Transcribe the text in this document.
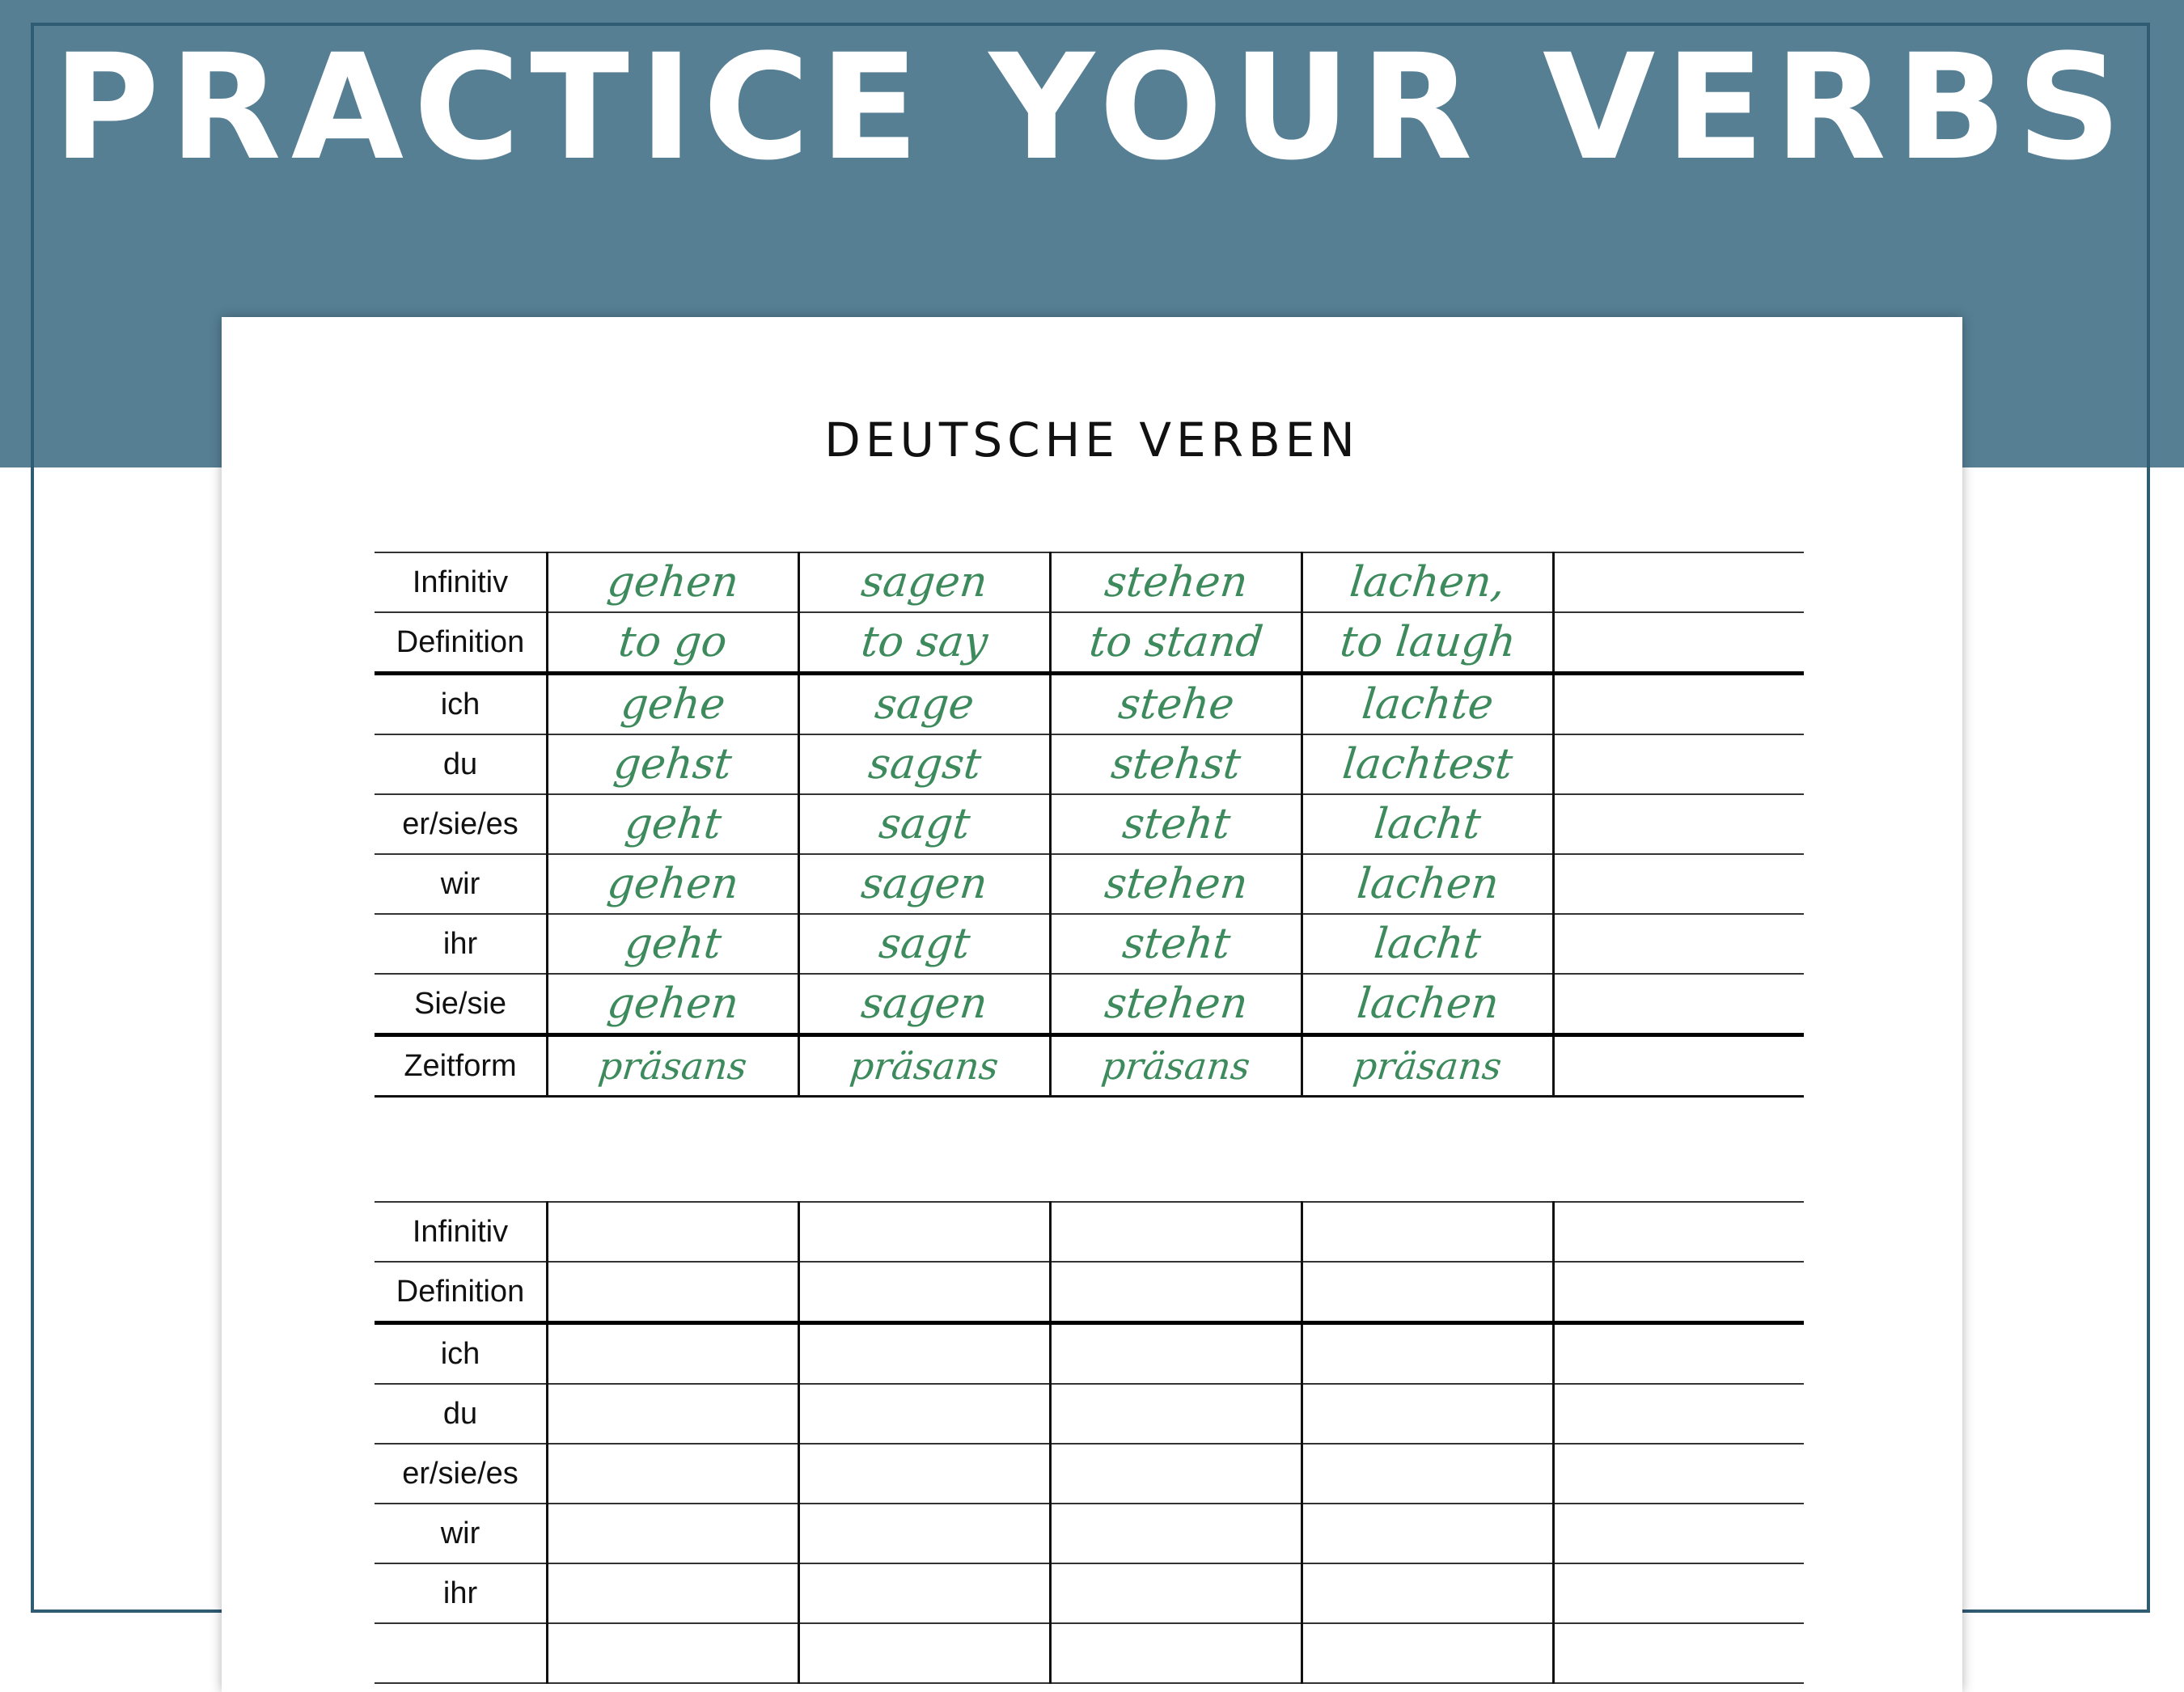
PRACTICE YOUR VERBS
DEUTSCHE VERBEN
Infinitiv	gehen	sagen	stehen	lachen,	
Definition	to go	to say	to stand	to laugh	
ich	gehe	sage	stehe	lachte	
du	gehst	sagst	stehst	lachtest	
er/sie/es	geht	sagt	steht	lacht	
wir	gehen	sagen	stehen	lachen	
ihr	geht	sagt	steht	lacht	
Sie/sie	gehen	sagen	stehen	lachen	
Zeitform	präsans	präsans	präsans	präsans	
Infinitiv					
Definition					
ich					
du					
er/sie/es					
wir					
ihr					
